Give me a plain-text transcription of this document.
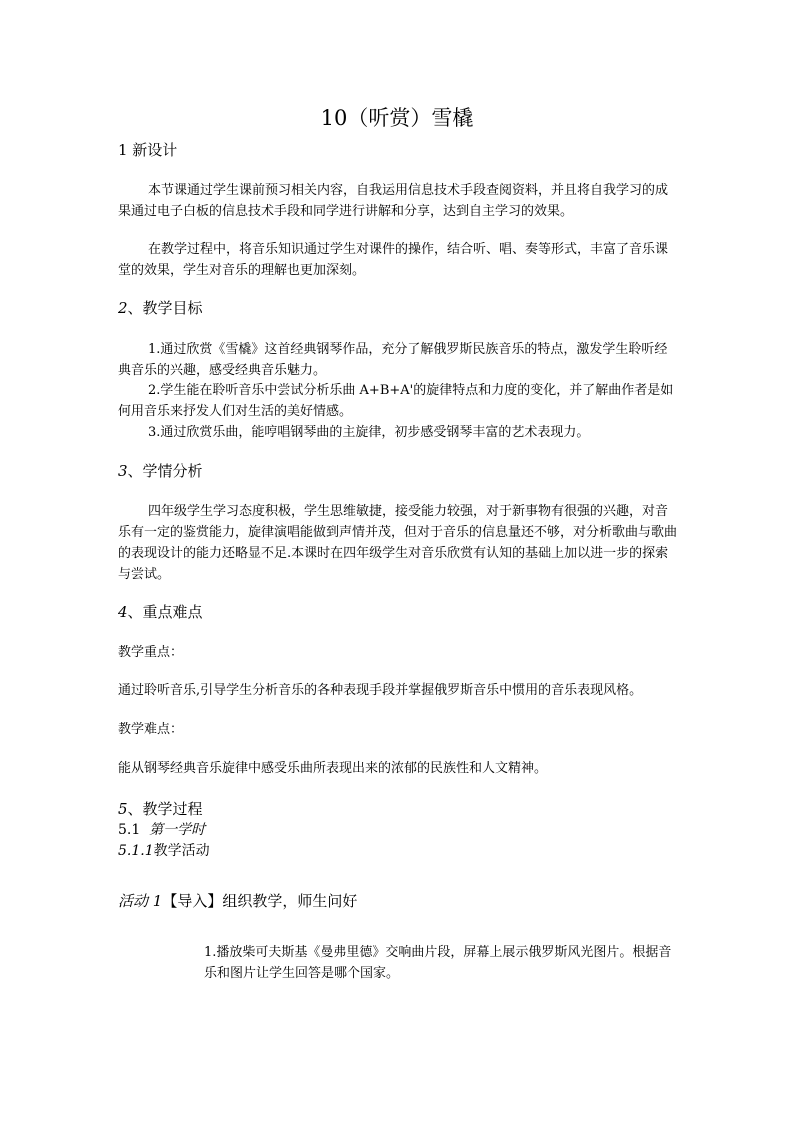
10（听赏）雪橇
1 新设计

本节课通过学生课前预习相关内容，自我运用信息技术手段查阅资料，并且将自我学习的成果通过电子白板的信息技术手段和同学进行讲解和分享，达到自主学习的效果。

在教学过程中，将音乐知识通过学生对课件的操作，结合听、唱、奏等形式，丰富了音乐课堂的效果，学生对音乐的理解也更加深刻。

2、教学目标

1.通过欣赏《雪橇》这首经典钢琴作品，充分了解俄罗斯民族音乐的特点，激发学生聆听经典音乐的兴趣，感受经典音乐魅力。

2.学生能在聆听音乐中尝试分析乐曲 A+B+A'的旋律特点和力度的变化，并了解曲作者是如何用音乐来抒发人们对生活的美好情感。

3.通过欣赏乐曲，能哼唱钢琴曲的主旋律，初步感受钢琴丰富的艺术表现力。

3、学情分析

四年级学生学习态度积极，学生思维敏捷，接受能力较强，对于新事物有很强的兴趣，对音乐有一定的鉴赏能力，旋律演唱能做到声情并茂，但对于音乐的信息量还不够，对分析歌曲与歌曲的表现设计的能力还略显不足.本课时在四年级学生对音乐欣赏有认知的基础上加以进一步的探索与尝试。

4、重点难点
教学重点：
通过聆听音乐,引导学生分析音乐的各种表现手段并掌握俄罗斯音乐中惯用的音乐表现风格。
教学难点：
能从钢琴经典音乐旋律中感受乐曲所表现出来的浓郁的民族性和人文精神。
5、教学过程
5.1 第一学时
5.1.1教学活动
活动 1【导入】组织教学，师生问好

1.播放柴可夫斯基《曼弗里德》交响曲片段，屏幕上展示俄罗斯风光图片。根据音乐和图片让学生回答是哪个国家。
